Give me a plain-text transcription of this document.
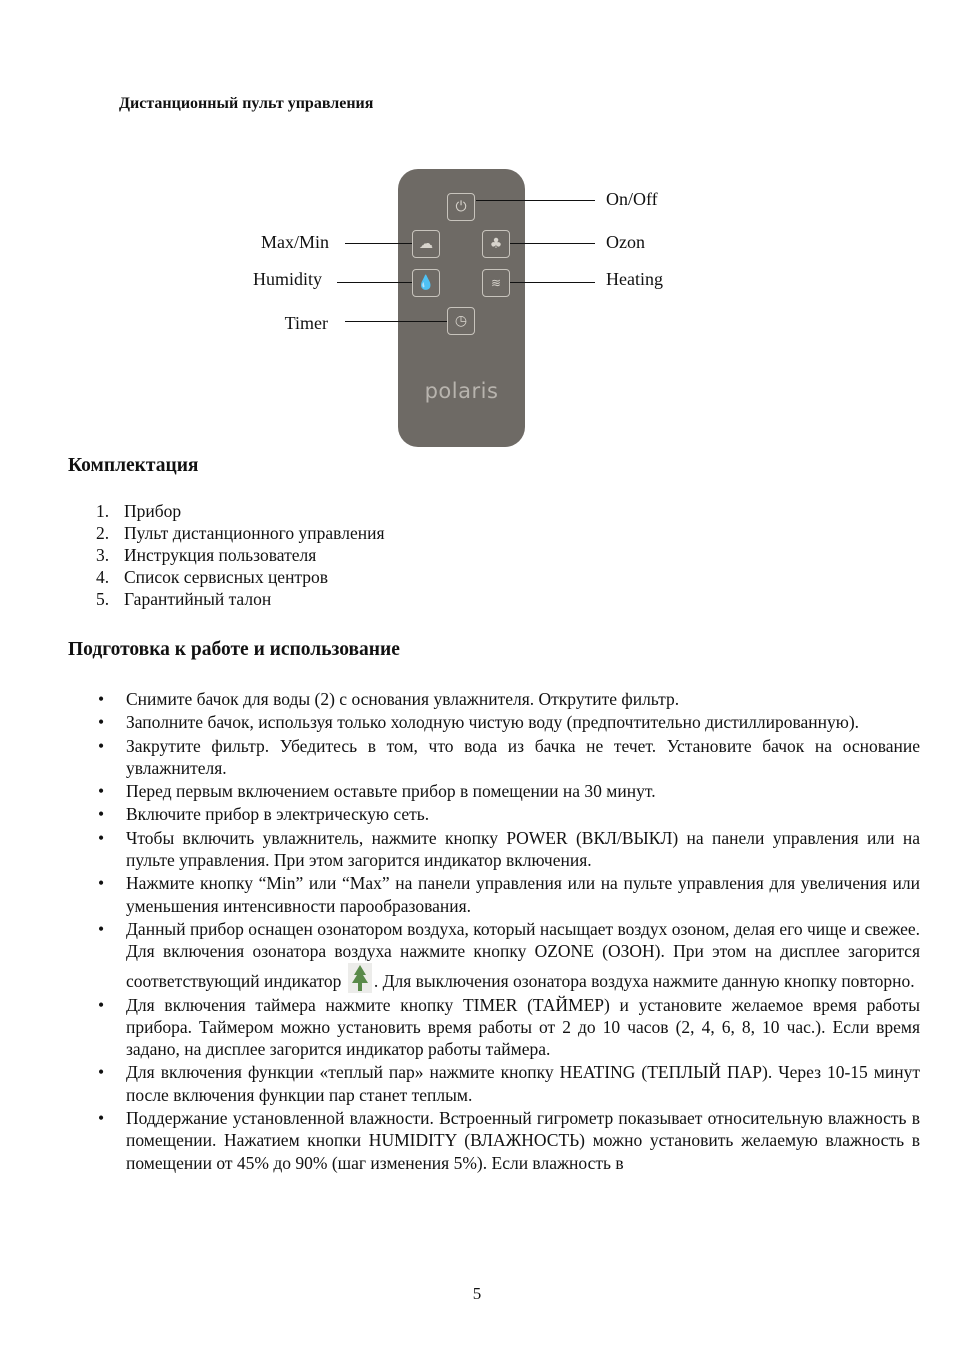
Дистанционный пульт управления
⏻
☁	♣
💧	≋
◷
polaris
On/Off
Max/Min	Ozon
Humidity	Heating
Timer
Комплектация
1. Прибор
2. Пульт дистанционного управления
3. Инструкция пользователя
4. Список сервисных центров
5. Гарантийный талон
Подготовка к работе и использование
• Снимите бачок для воды (2) с основания увлажнителя. Открутите фильтр.
• Заполните бачок, используя только холодную чистую воду (предпочтительно дистиллированную).
• Закрутите фильтр. Убедитесь в том, что вода из бачка не течет. Установите бачок на основание увлажнителя.
• Перед первым включением оставьте прибор в помещении на 30 минут.
• Включите прибор в электрическую сеть.
• Чтобы включить увлажнитель, нажмите кнопку POWER (ВКЛ/ВЫКЛ) на панели управления или на пульте управления. При этом загорится индикатор включения.
• Нажмите кнопку “Min” или “Max” на панели управления или на пульте управления для увеличения или уменьшения интенсивности парообразования.
• Данный прибор оснащен озонатором воздуха, который насыщает воздух озоном, делая его чище и свежее. Для включения озонатора воздуха нажмите кнопку OZONE (ОЗОН). При этом на дисплее загорится соответствующий индикатор . Для выключения озонатора воздуха нажмите данную кнопку повторно.
• Для включения таймера нажмите кнопку TIMER (ТАЙМЕР) и установите желаемое время работы прибора. Таймером можно установить время работы от 2 до 10 часов (2, 4, 6, 8, 10 час.). Если время задано, на дисплее загорится индикатор работы таймера.
• Для включения функции «теплый пар» нажмите кнопку HEATING (ТЕПЛЫЙ ПАР). Через 10-15 минут после включения функции пар станет теплым.
• Поддержание установленной влажности. Встроенный гигрометр показывает относительную влажность в помещении. Нажатием кнопки HUMIDITY (ВЛАЖНОСТЬ) можно установить желаемую влажность в помещении от 45% до 90% (шаг изменения 5%). Если влажность в
5
